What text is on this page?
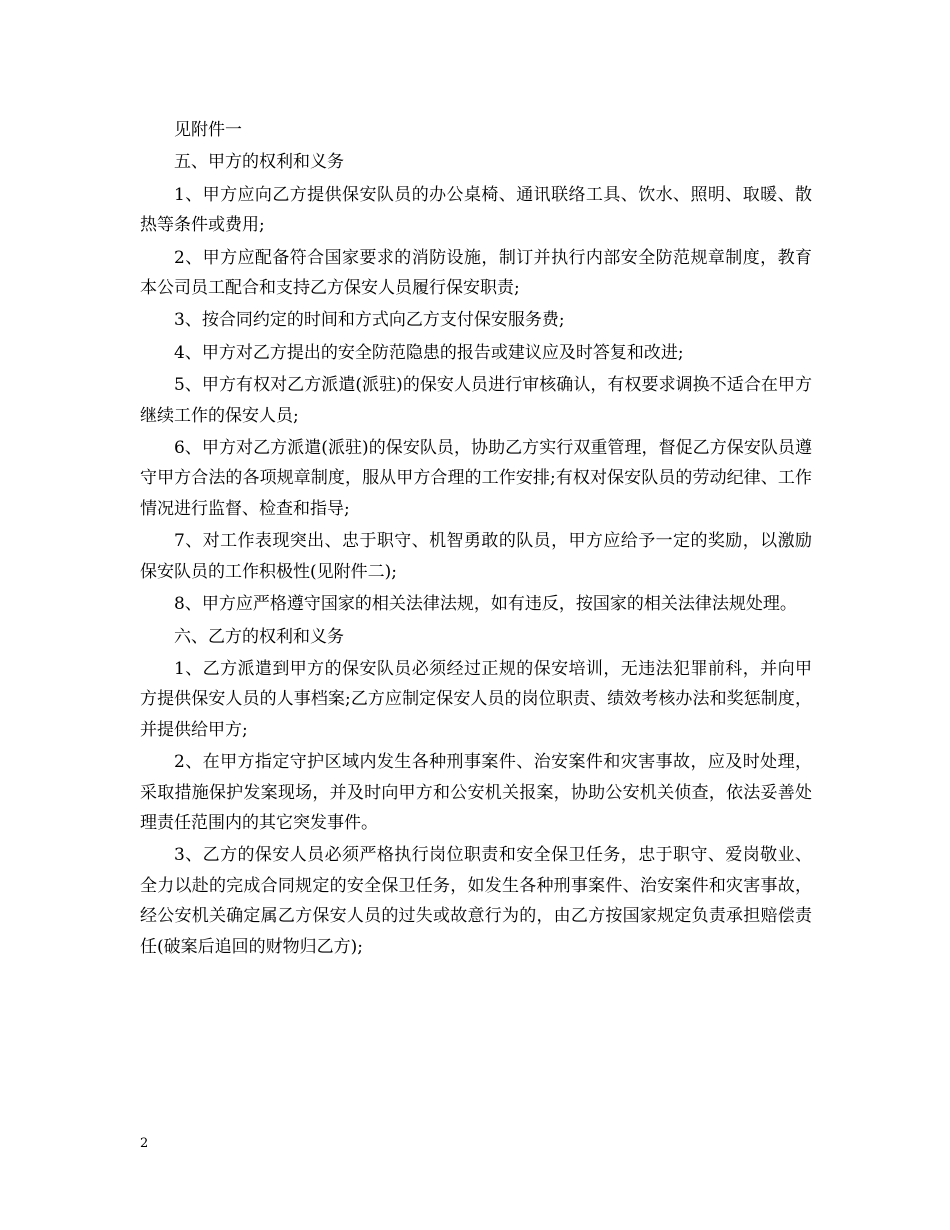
见附件一

五、甲方的权利和义务

1、甲方应向乙方提供保安队员的办公桌椅、通讯联络工具、饮水、照明、取暖、散热等条件或费用;

2、甲方应配备符合国家要求的消防设施，制订并执行内部安全防范规章制度，教育本公司员工配合和支持乙方保安人员履行保安职责;

3、按合同约定的时间和方式向乙方支付保安服务费;

4、甲方对乙方提出的安全防范隐患的报告或建议应及时答复和改进;

5、甲方有权对乙方派遣(派驻)的保安人员进行审核确认，有权要求调换不适合在甲方继续工作的保安人员;

6、甲方对乙方派遣(派驻)的保安队员，协助乙方实行双重管理，督促乙方保安队员遵守甲方合法的各项规章制度，服从甲方合理的工作安排;有权对保安队员的劳动纪律、工作情况进行监督、检查和指导;

7、对工作表现突出、忠于职守、机智勇敢的队员，甲方应给予一定的奖励，以激励保安队员的工作积极性(见附件二);

8、甲方应严格遵守国家的相关法律法规，如有违反，按国家的相关法律法规处理。

六、乙方的权利和义务

1、乙方派遣到甲方的保安队员必须经过正规的保安培训，无违法犯罪前科，并向甲方提供保安人员的人事档案;乙方应制定保安人员的岗位职责、绩效考核办法和奖惩制度，并提供给甲方;

2、在甲方指定守护区域内发生各种刑事案件、治安案件和灾害事故，应及时处理，采取措施保护发案现场，并及时向甲方和公安机关报案，协助公安机关侦查，依法妥善处理责任范围内的其它突发事件。

3、乙方的保安人员必须严格执行岗位职责和安全保卫任务，忠于职守、爱岗敬业、全力以赴的完成合同规定的安全保卫任务，如发生各种刑事案件、治安案件和灾害事故，经公安机关确定属乙方保安人员的过失或故意行为的，由乙方按国家规定负责承担赔偿责任(破案后追回的财物归乙方);

2
